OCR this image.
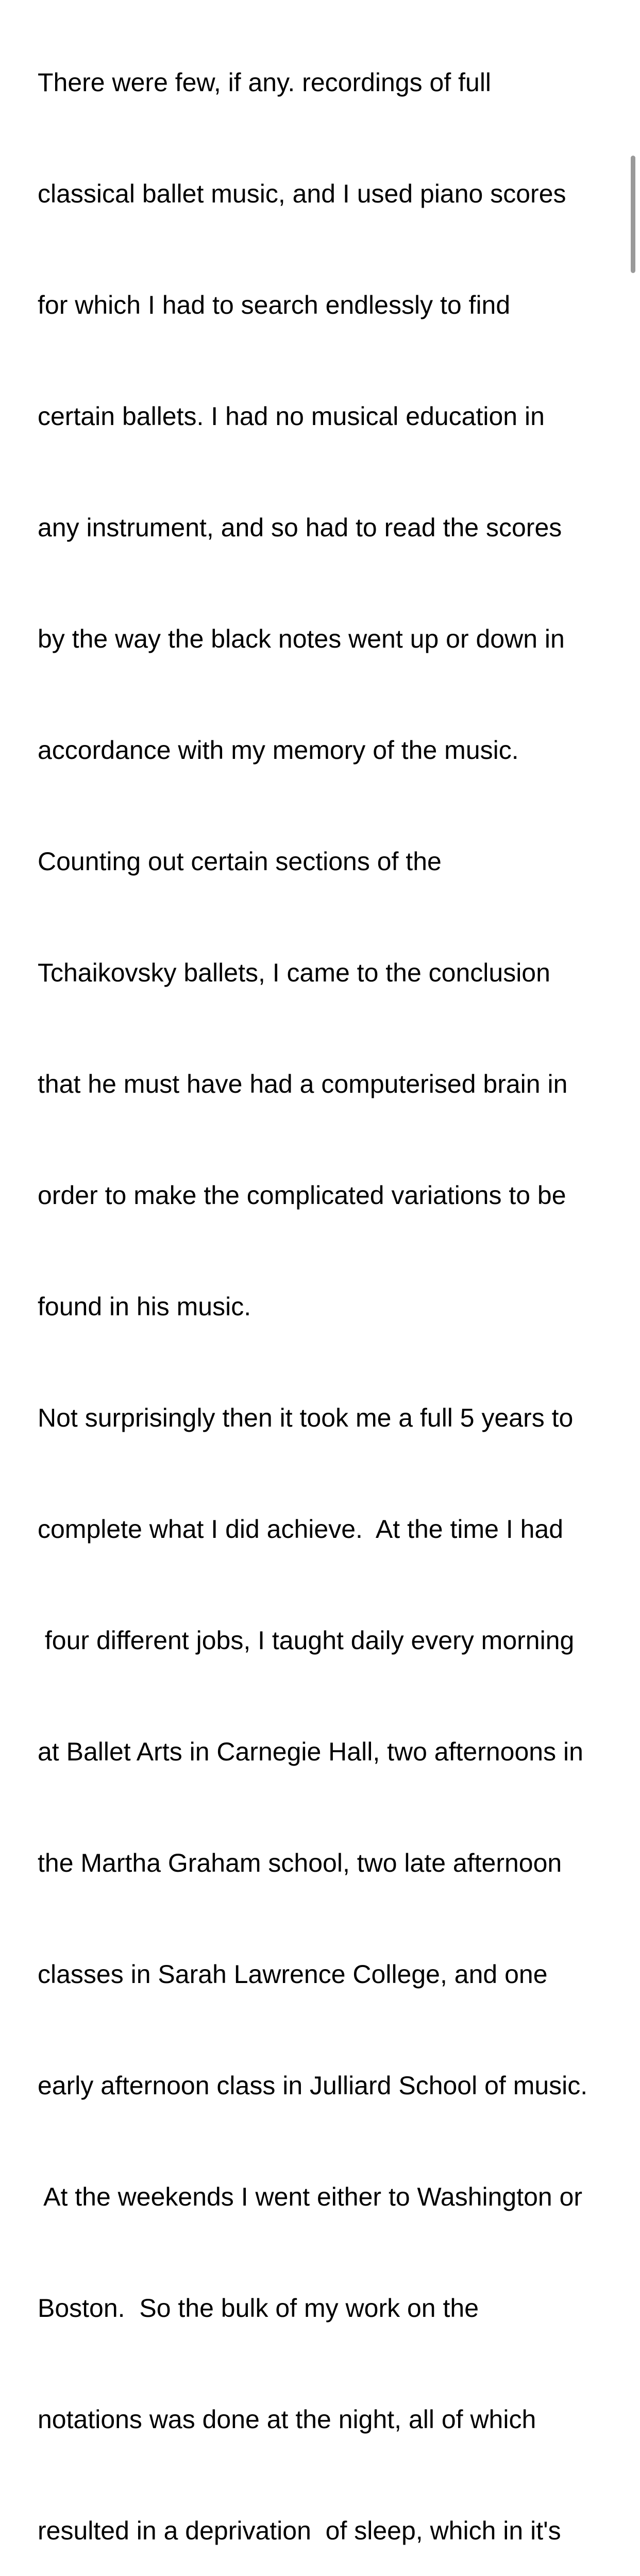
There were few, if any. recordings of full

classical ballet music, and I used piano scores

for which I had to search endlessly to find

certain ballets. I had no musical education in

any instrument, and so had to read the scores

by the way the black notes went up or down in

accordance with my memory of the music.

Counting out certain sections of the

Tchaikovsky ballets, I came to the conclusion

that he must have had a computerised brain in

order to make the complicated variations to be

found in his music.

Not surprisingly then it took me a full 5 years to

complete what I did achieve.  At the time I had

four different jobs, I taught daily every morning

at Ballet Arts in Carnegie Hall, two afternoons in

the Martha Graham school, two late afternoon

classes in Sarah Lawrence College, and one

early afternoon class in Julliard School of music.

At the weekends I went either to Washington or

Boston.  So the bulk of my work on the

notations was done at the night, all of which

resulted in a deprivation  of sleep, which in it's
